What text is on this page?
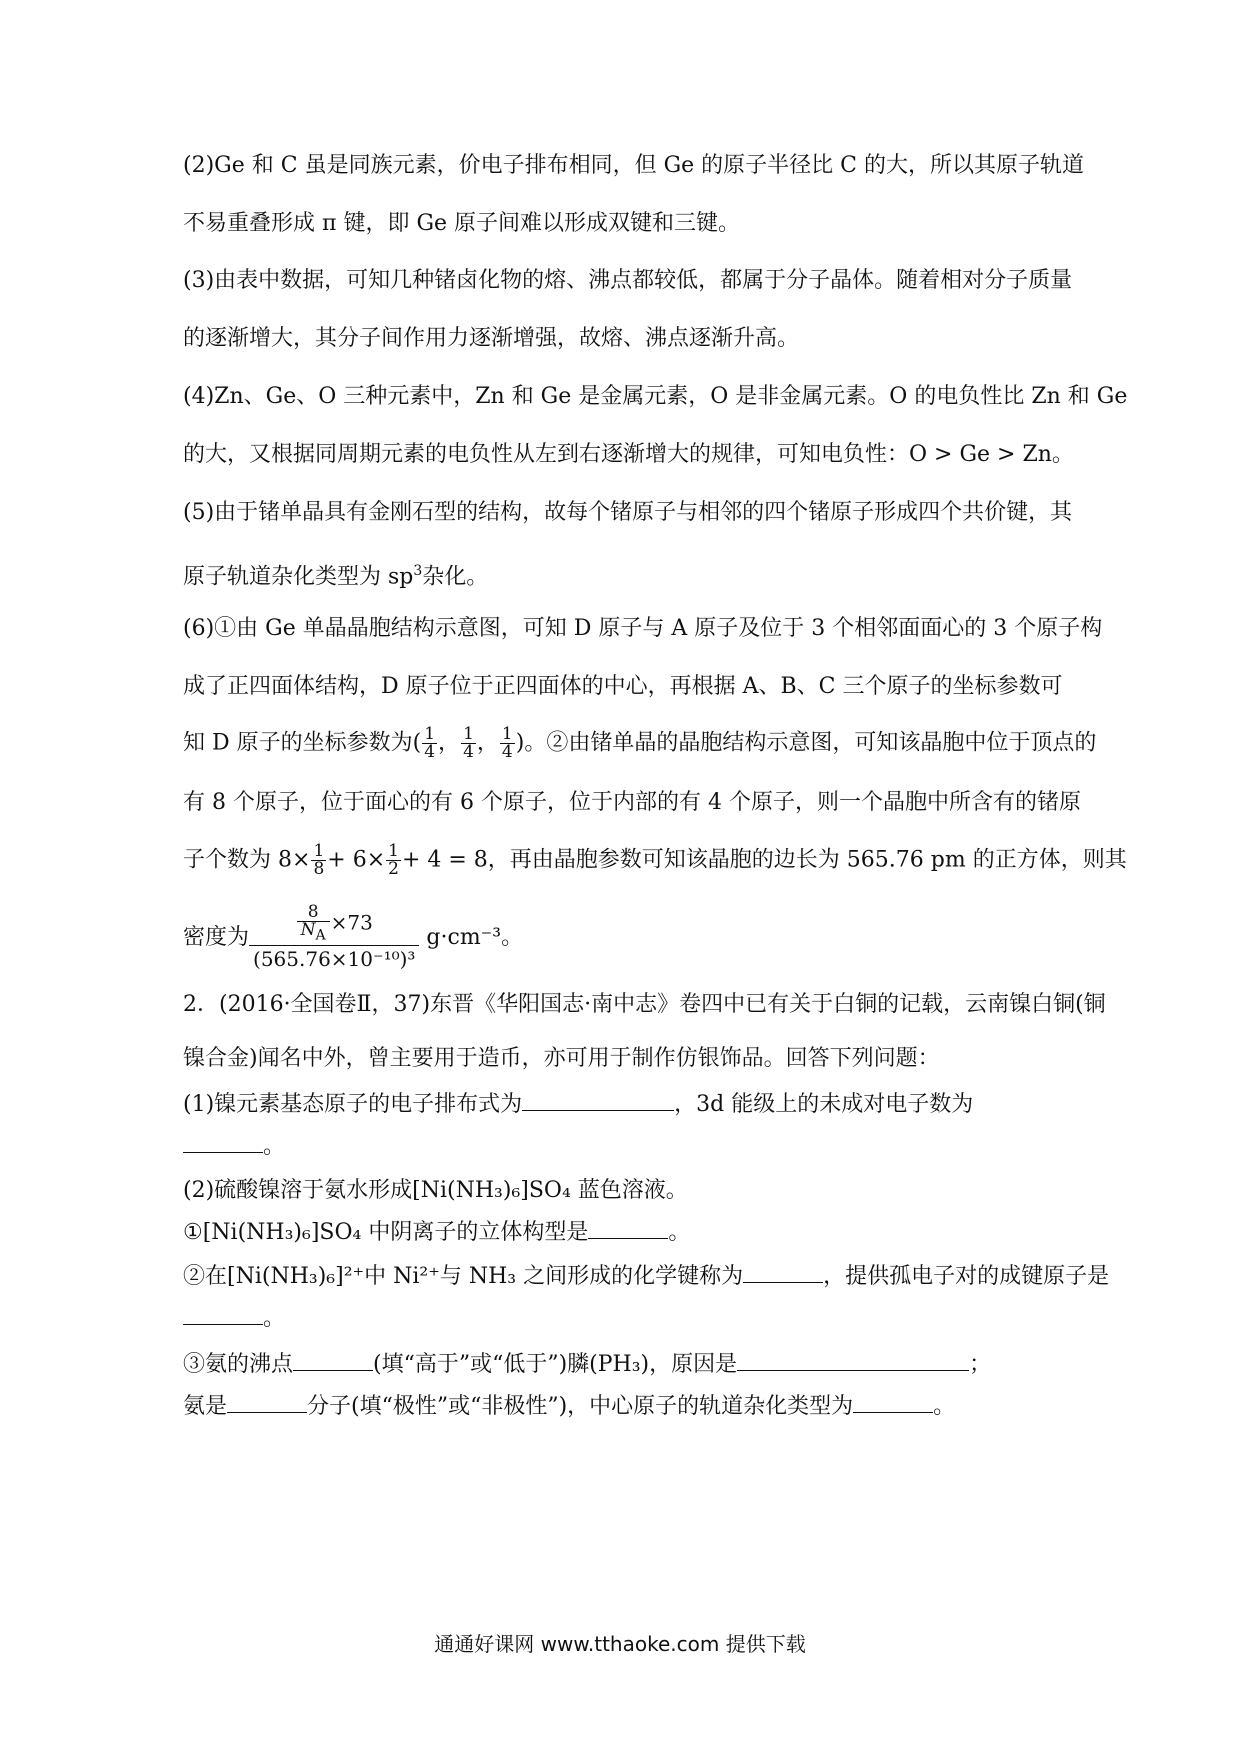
(2)Ge 和 C 虽是同族元素，价电子排布相同，但 Ge 的原子半径比 C 的大，所以其原子轨道
不易重叠形成 π 键，即 Ge 原子间难以形成双键和三键。
(3)由表中数据，可知几种锗卤化物的熔、沸点都较低，都属于分子晶体。随着相对分子质量
的逐渐增大，其分子间作用力逐渐增强，故熔、沸点逐渐升高。
(4)Zn、Ge、O 三种元素中，Zn 和 Ge 是金属元素，O 是非金属元素。O 的电负性比 Zn 和 Ge
的大，又根据同周期元素的电负性从左到右逐渐增大的规律，可知电负性：O > Ge > Zn。
(5)由于锗单晶具有金刚石型的结构，故每个锗原子与相邻的四个锗原子形成四个共价键，其
原子轨道杂化类型为 $sp^3$杂化。
(6)①由 Ge 单晶晶胞结构示意图，可知 D 原子与 A 原子及位于 3 个相邻面面心的 3 个原子构
成了正四面体结构，D 原子位于正四面体的中心，再根据 A、B、C 三个原子的坐标参数可
知 D 原子的坐标参数为( $\frac{1}{4}$ ， $\frac{1}{4}$ ， $\frac{1}{4}$ )。②由锗单晶的晶胞结构示意图，可知该晶胞中位于顶点的
有 8 个原子，位于面心的有 6 个原子，位于内部的有 4 个原子，则一个晶胞中所含有的锗原
子个数为 $8\times \frac{1}{8} + 6\times \frac{1}{2} + 4 = 8$，再由晶胞参数可知该晶胞的边长为 565.76 pm 的正方体，则其
密度为 $\frac{\frac{8}{N_A} \times 73}{\text{(565.76×10⁻¹⁰)³}} g\cdot cm^{-3}$。
2．(2016·全国卷Ⅱ，37)东晋《华阳国志·南中志》卷四中已有关于白铜的记载，云南镍白铜(铜
镍合金)闻名中外，曾主要用于造币，亦可用于制作仿银饰品。回答下列问题：
(1)镍元素基态原子的电子排布式为	，3d 能级上的未成对电子数为
。
(2)硫酸镍溶于氨水形成[Ni(NH₃)₆]SO₄ 蓝色溶液。
①[Ni(NH₃)₆]SO₄ 中阴离子的立体构型是	。
②在[Ni(NH₃)₆]²⁺中 Ni²⁺与 NH₃ 之间形成的化学键称为	，提供孤电子对的成键原子是
。
③氨的沸点	(填“高于”或“低于”)膦(PH₃)，原因是	；
氨是	分子(填“极性”或“非极性”)，中心原子的轨道杂化类型为	。
通通好课网 www.tthaoke.com 提供下载
